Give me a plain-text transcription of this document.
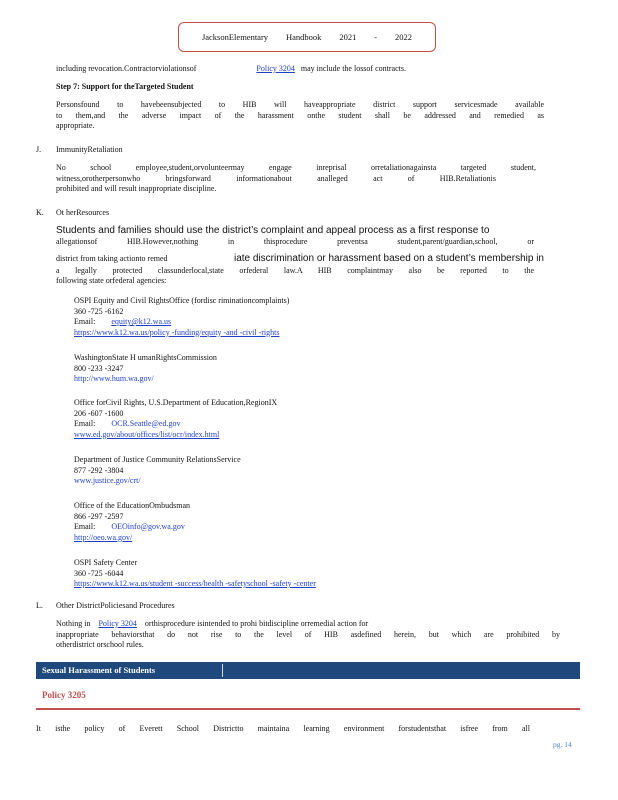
JacksonElementary Handbook 2021 - 2022
including revocation.Contractorviolationsof	Policy 3204 may include the lossof contracts.
Step 7: Support for theTargeted Student
Personsfound to havebeensubjected to HIB will haveappropriate district support servicesmade available
to them,and the adverse impact of the harassment onthe student shall be addressed and remedied as
appropriate.
J. ImmunityRetaliation
No school employee,student,orvolunteermay engage inreprisal orretaliationagainsta targeted student,
witness,orotherpersonwho bringsforward informationabout analleged act of HIB.Retaliationis
prohibited and will result inappropriate discipline.
K. Ot herResources
Students and families should use the district’s complaint and appeal process as a first response to
allegationsof HIB.However,nothing in thisprocedure preventsa student,parent/guardian,school, or
district from taking actionto remed	iate discrimination or harassment based on a student’s membership in
a legally protected classunderlocal,state orfederal law.A HIB complaintmay also be reported to the
following state orfederal agencies:
OSPI Equity and Civil RightsOffice (fordisc riminationcomplaints)
360 -725 -6162
Email: equity@k12.wa.us
https://www.k12.wa.us/policy -funding/equity -and -civil -rights
WashingtonState H umanRightsCommission
800 -233 -3247
http://www.hum.wa.gov/
Office forCivil Rights, U.S.Department of Education,RegionIX
206 -607 -1600
Email: OCR.Seattle@ed.gov
www.ed.gov/about/offices/list/ocr/index.html
Department of Justice Community RelationsService
877 -292 -3804
www.justice.gov/crt/
Office of the EducationOmbudsman
866 -297 -2597
Email: OEOinfo@gov.wa.gov
http://oeo.wa.gov/
OSPI Safety Center
360 -725 -6044
https://www.k12.wa.us/student -success/health -safetyschool -safety -center
L. Other DistrictPoliciesand Procedures
Nothing in Policy 3204 orthisprocedure isintended to prohi bitdiscipline orremedial action for
inappropriate behaviorsthat do not rise to the level of HIB asdefined herein, but which are prohibited by
otherdistrict orschool rules.
Sexual Harassment of Students
Policy 3205
It isthe policy of Everett School Districtto maintaina learning environment forstudentsthat isfree from all
pg. 14
